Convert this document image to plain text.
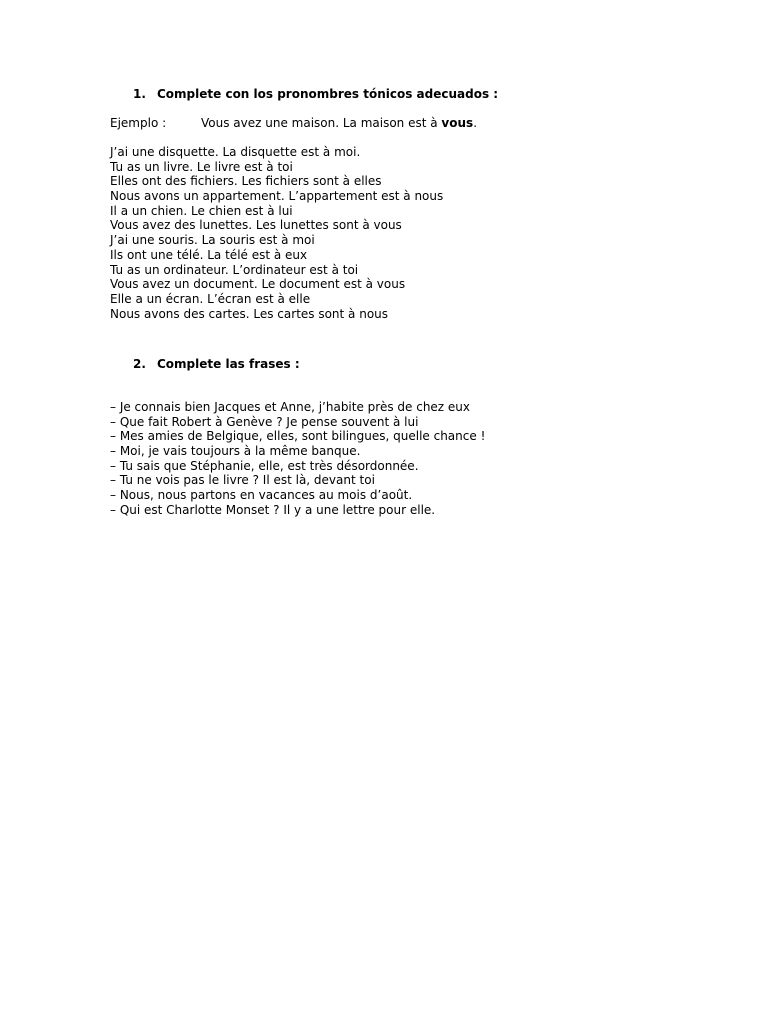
1. Complete con los pronombres tónicos adecuados :
Ejemplo :	Vous avez une maison. La maison est à vous.
J’ai une disquette. La disquette est à moi.
Tu as un livre. Le livre est à toi
Elles ont des fichiers. Les fichiers sont à elles
Nous avons un appartement. L’appartement est à nous
Il a un chien. Le chien est à lui
Vous avez des lunettes. Les lunettes sont à vous
J’ai une souris. La souris est à moi
Ils ont une télé. La télé est à eux
Tu as un ordinateur. L’ordinateur est à toi
Vous avez un document. Le document est à vous
Elle a un écran. L’écran est à elle
Nous avons des cartes. Les cartes sont à nous
2. Complete las frases :
– Je connais bien Jacques et Anne, j’habite près de chez eux
– Que fait Robert à Genève ? Je pense souvent à lui
– Mes amies de Belgique, elles, sont bilingues, quelle chance !
– Moi, je vais toujours à la même banque.
– Tu sais que Stéphanie, elle, est très désordonnée.
– Tu ne vois pas le livre ? Il est là, devant toi
– Nous, nous partons en vacances au mois d’août.
– Qui est Charlotte Monset ? Il y a une lettre pour elle.
